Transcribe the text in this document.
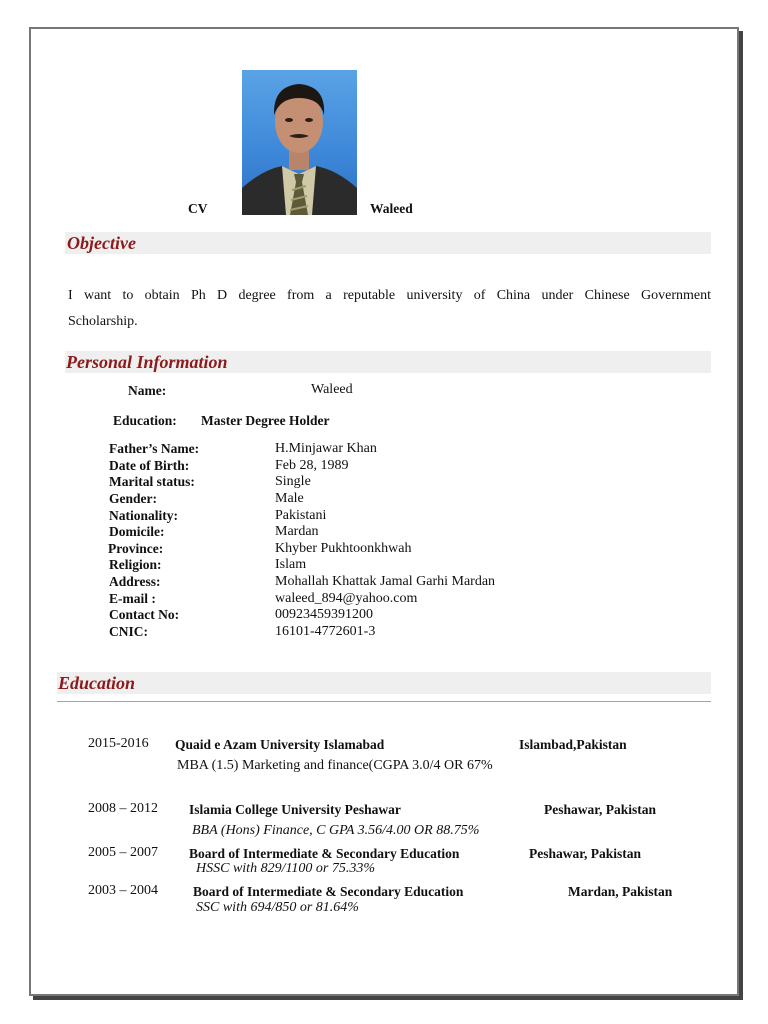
CV	Waleed
Objective
I want to obtain Ph D degree from a reputable university of China under Chinese Government
Scholarship.
Personal Information
Name:	Waleed
Education: Master Degree Holder
Father’s Name:	H.Minjawar Khan
Date of Birth:	Feb 28, 1989
Marital status:	Single
Gender:	Male
Nationality:	Pakistani
Domicile:	Mardan
Province:	Khyber Pukhtoonkhwah
Religion:	Islam
Address:	Mohallah Khattak Jamal Garhi Mardan
E-mail :	waleed_894@yahoo.com
Contact No:	00923459391200
CNIC:	16101-4772601-3
Education
2015-2016 Quaid e Azam University Islamabad	Islambad,Pakistan
MBA (1.5) Marketing and finance(CGPA 3.0/4 OR 67%
2008 – 2012 Islamia College University Peshawar	Peshawar, Pakistan
BBA (Hons) Finance, C GPA 3.56/4.00 OR 88.75%
2005 – 2007 Board of Intermediate & Secondary Education	Peshawar, Pakistan
HSSC with 829/1100 or 75.33%
2003 – 2004	Board of Intermediate & Secondary Education	Mardan, Pakistan
SSC with 694/850 or 81.64%
